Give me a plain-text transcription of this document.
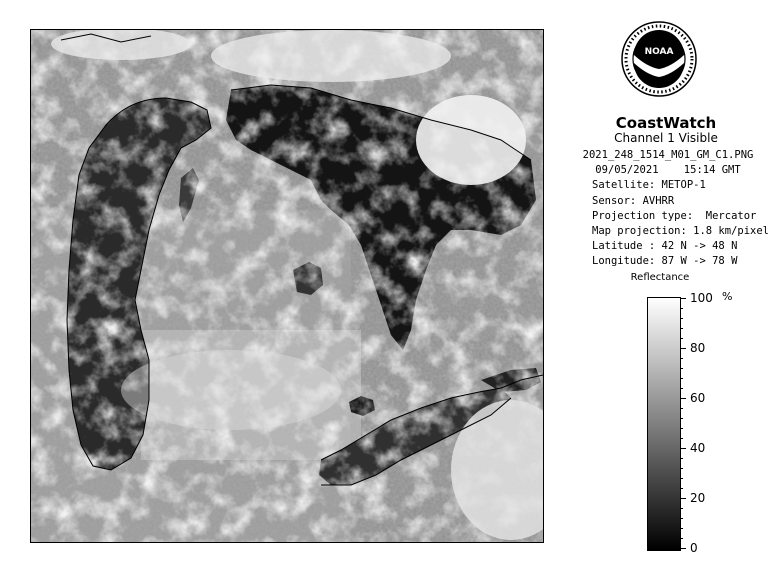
NOAA
CoastWatch
Channel 1 Visible
2021_248_1514_M01_GM_C1.PNG
09/05/2021    15:14 GMT
Satellite: METOP-1
Sensor: AVHRR
Projection type:  Mercator
Map projection: 1.8 km/pixel
Latitude : 42 N -> 48 N
Longitude: 87 W -> 78 W
Reflectance
%
100
80
60
40
20
0
